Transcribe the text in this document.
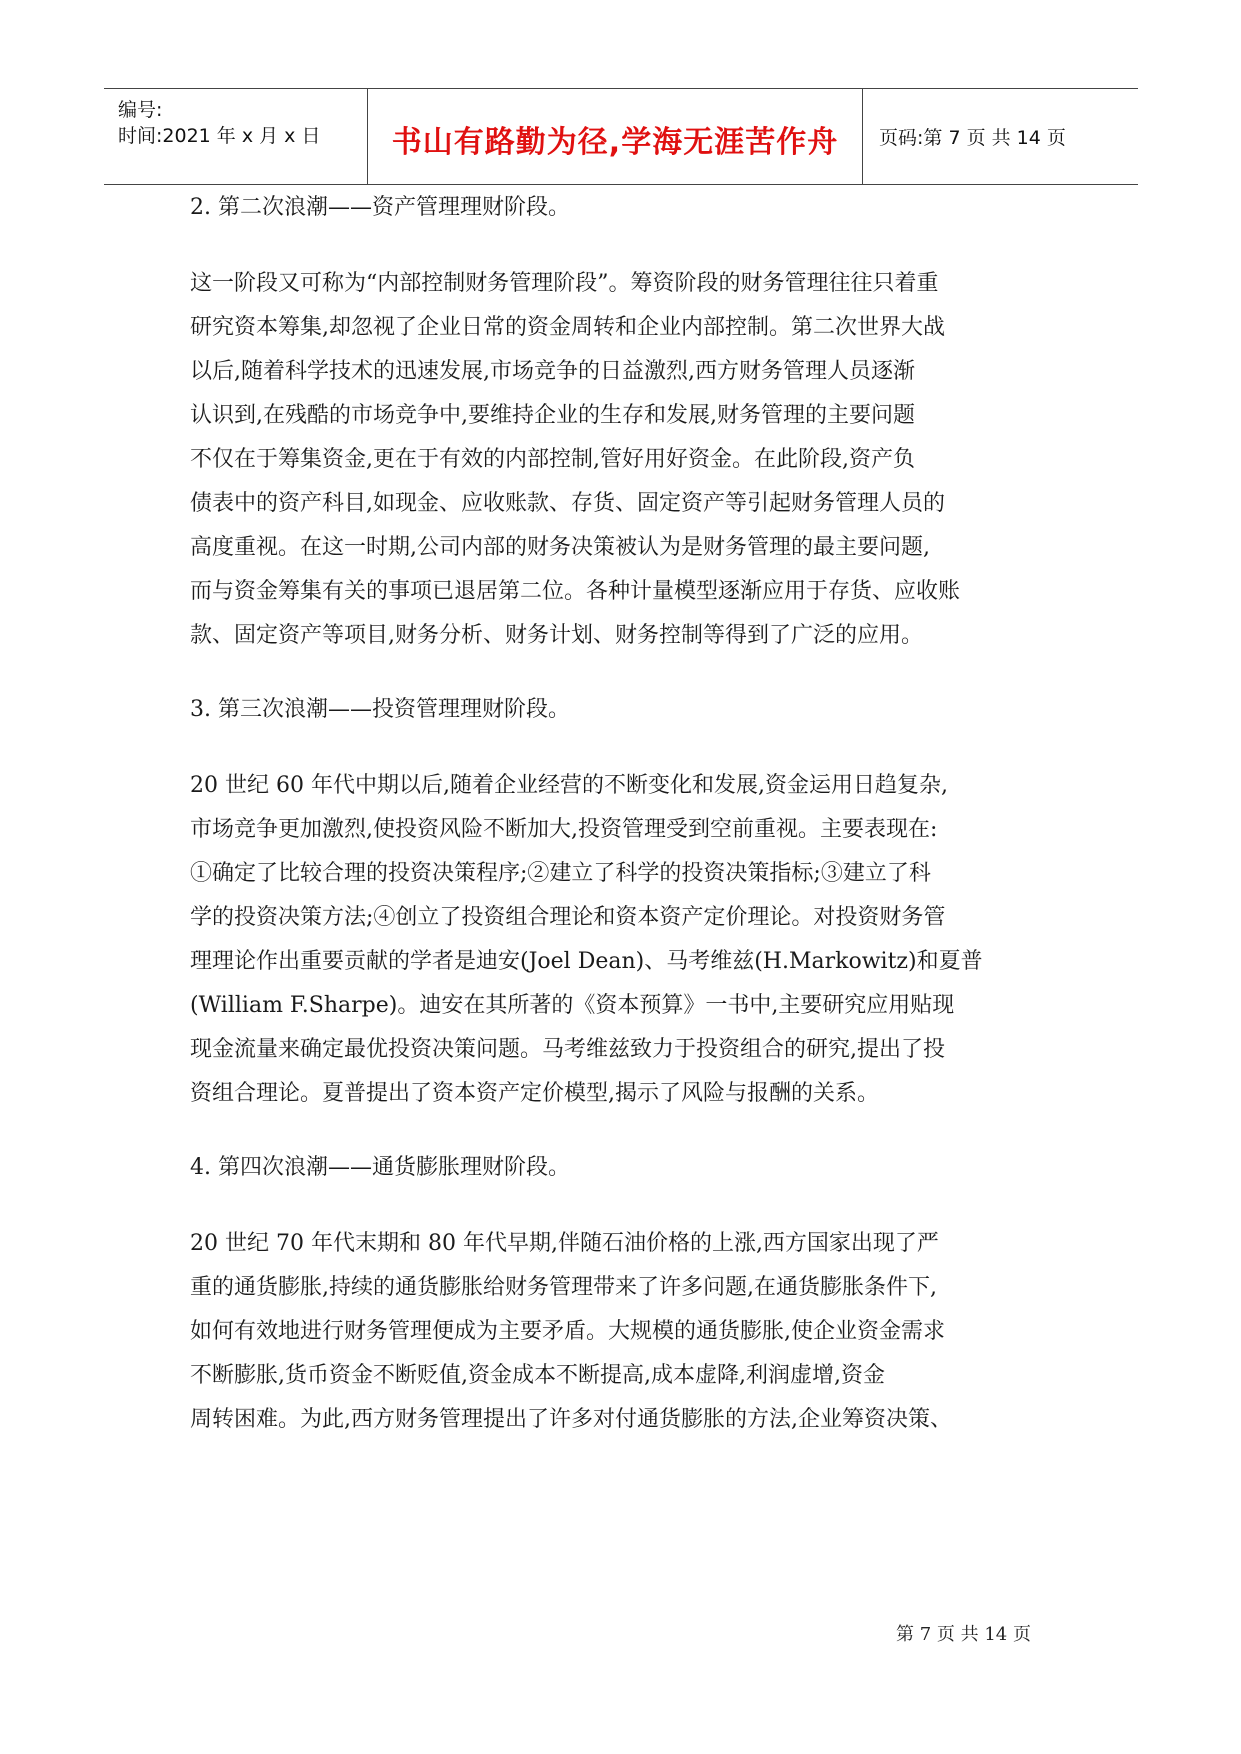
编号:
时间:2021 年 x 月 x 日	书山有路勤为径,学海无涯苦作舟	页码:第 7 页 共 14 页
2. 第二次浪潮——资产管理理财阶段。
这一阶段又可称为“内部控制财务管理阶段”。筹资阶段的财务管理往往只着重
研究资本筹集,却忽视了企业日常的资金周转和企业内部控制。第二次世界大战
以后,随着科学技术的迅速发展,市场竞争的日益激烈,西方财务管理人员逐渐
认识到,在残酷的市场竞争中,要维持企业的生存和发展,财务管理的主要问题
不仅在于筹集资金,更在于有效的内部控制,管好用好资金。在此阶段,资产负
债表中的资产科目,如现金、应收账款、存货、固定资产等引起财务管理人员的
高度重视。在这一时期,公司内部的财务决策被认为是财务管理的最主要问题,
而与资金筹集有关的事项已退居第二位。各种计量模型逐渐应用于存货、应收账
款、固定资产等项目,财务分析、财务计划、财务控制等得到了广泛的应用。
3. 第三次浪潮——投资管理理财阶段。
20 世纪 60 年代中期以后,随着企业经营的不断变化和发展,资金运用日趋复杂,
市场竞争更加激烈,使投资风险不断加大,投资管理受到空前重视。主要表现在:
①确定了比较合理的投资决策程序;②建立了科学的投资决策指标;③建立了科
学的投资决策方法;④创立了投资组合理论和资本资产定价理论。对投资财务管
理理论作出重要贡献的学者是迪安(Joel Dean)、马考维兹(H.Markowitz)和夏普
(William F.Sharpe)。迪安在其所著的《资本预算》一书中,主要研究应用贴现
现金流量来确定最优投资决策问题。马考维兹致力于投资组合的研究,提出了投
资组合理论。夏普提出了资本资产定价模型,揭示了风险与报酬的关系。
4. 第四次浪潮——通货膨胀理财阶段。
20 世纪 70 年代末期和 80 年代早期,伴随石油价格的上涨,西方国家出现了严
重的通货膨胀,持续的通货膨胀给财务管理带来了许多问题,在通货膨胀条件下,
如何有效地进行财务管理便成为主要矛盾。大规模的通货膨胀,使企业资金需求
不断膨胀,货币资金不断贬值,资金成本不断提高,成本虚降,利润虚增,资金
周转困难。为此,西方财务管理提出了许多对付通货膨胀的方法,企业筹资决策、
第 7 页 共 14 页
